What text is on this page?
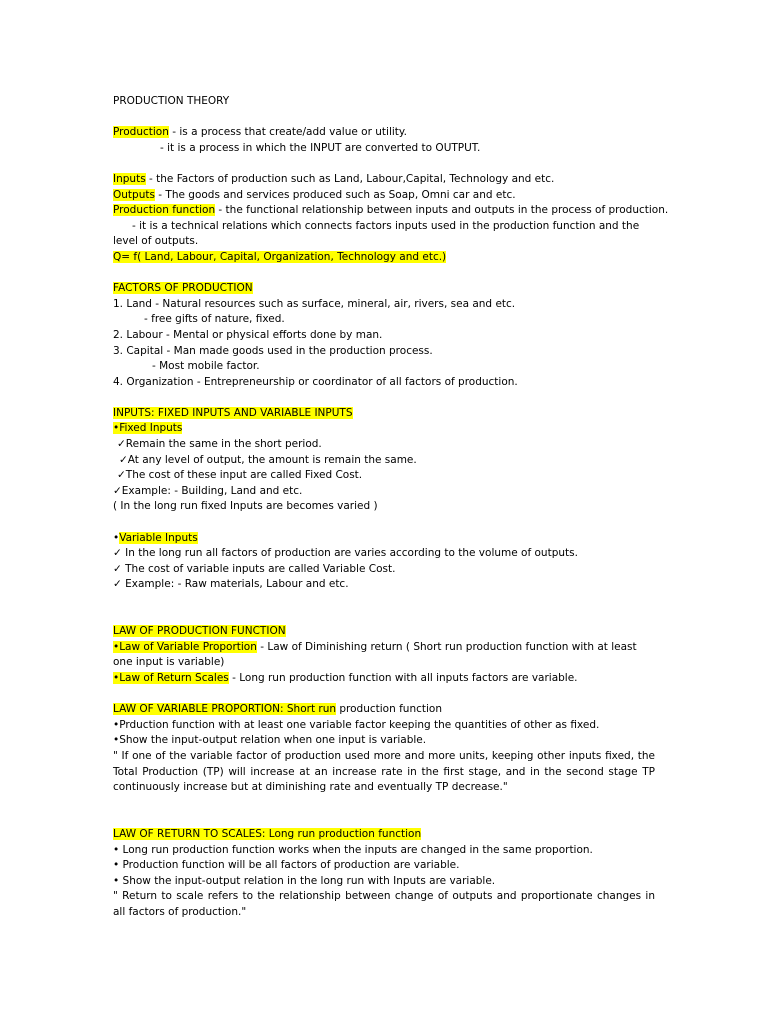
PRODUCTION THEORY

Production - is a process that create/add value or utility.

- it is a process in which the INPUT are converted to OUTPUT.

Inputs - the Factors of production such as Land, Labour,Capital, Technology and etc.

Outputs - The goods and services produced such as Soap, Omni car and etc.

Production function - the functional relationship between inputs and outputs in the process of production.

- it is a technical relations which connects factors inputs used in the production function and the level of outputs.

Q= f( Land, Labour, Capital, Organization, Technology and etc.)

FACTORS OF PRODUCTION

1. Land - Natural resources such as surface, mineral, air, rivers, sea and etc.

- free gifts of nature, fixed.

2. Labour - Mental or physical efforts done by man.

3. Capital - Man made goods used in the production process.

- Most mobile factor.

4. Organization - Entrepreneurship or coordinator of all factors of production.

INPUTS: FIXED INPUTS AND VARIABLE INPUTS

•Fixed Inputs

✓Remain the same in the short period.

✓At any level of output, the amount is remain the same.

✓The cost of these input are called Fixed Cost.

✓Example: - Building, Land and etc.

( In the long run fixed Inputs are becomes varied )

•Variable Inputs

✓ In the long run all factors of production are varies according to the volume of outputs.

✓ The cost of variable inputs are called Variable Cost.

✓ Example: - Raw materials, Labour and etc.

LAW OF PRODUCTION FUNCTION

•Law of Variable Proportion - Law of Diminishing return ( Short run production function with at least one input is variable)

•Law of Return Scales - Long run production function with all inputs factors are variable.

LAW OF VARIABLE PROPORTION: Short run production function

•Prduction function with at least one variable factor keeping the quantities of other as fixed.

•Show the input-output relation when one input is variable.

" If one of the variable factor of production used more and more units, keeping other inputs fixed, the Total Production (TP) will increase at an increase rate in the first stage, and in the second stage TP continuously increase but at diminishing rate and eventually TP decrease."

LAW OF RETURN TO SCALES: Long run production function

• Long run production function works when the inputs are changed in the same proportion.

• Production function will be all factors of production are variable.

• Show the input-output relation in the long run with Inputs are variable.

" Return to scale refers to the relationship between change of outputs and proportionate changes in all factors of production."
